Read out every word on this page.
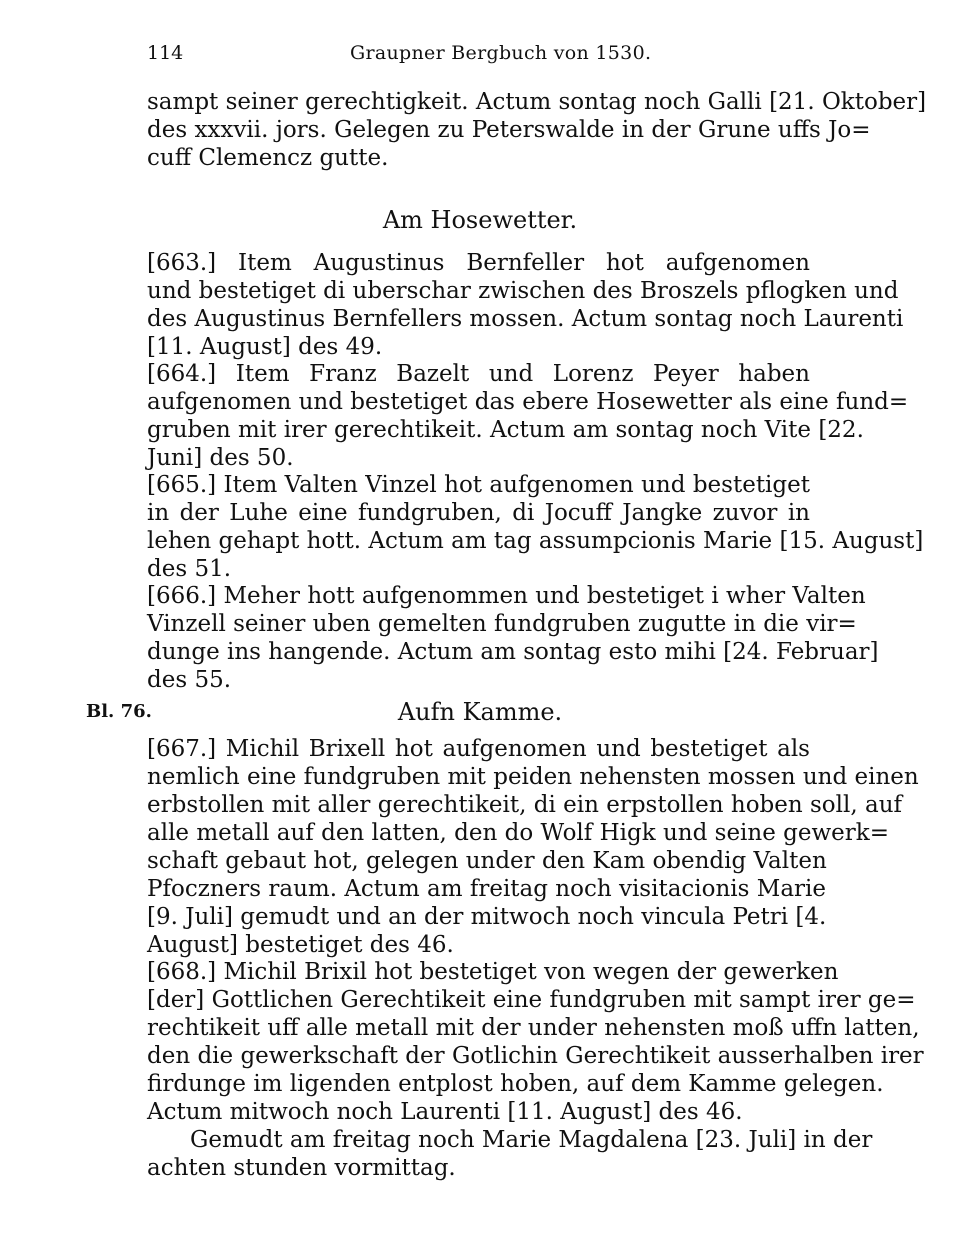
114	Graupner Bergbuch von 1530.
sampt seiner gerechtigkeit. Actum sontag noch Galli [21. Oktober]
des xxxvii. jors. Gelegen zu Peterswalde in der Grune uffs Jo=
cuff Clemencz gutte.
Am Hosewetter.
[663.] Item Augustinus Bernfeller hot aufgenomen
und bestetiget di uberschar zwischen des Broszels pflogken und
des Augustinus Bernfellers mossen. Actum sontag noch Laurenti
[11. August] des 49.
[664.] Item Franz Bazelt und Lorenz Peyer haben
aufgenomen und bestetiget das ebere Hosewetter als eine fund=
gruben mit irer gerechtikeit. Actum am sontag noch Vite [22.
Juni] des 50.
[665.] Item Valten Vinzel hot aufgenomen und bestetiget
in der Luhe eine fundgruben, di Jocuff Jangke zuvor in
lehen gehapt hott. Actum am tag assumpcionis Marie [15. August]
des 51.
[666.] Meher hott aufgenommen und bestetiget i wher Valten
Vinzell seiner uben gemelten fundgruben zugutte in die vir=
dunge ins hangende. Actum am sontag esto mihi [24. Februar]
des 55.
Bl. 76.	Aufn Kamme.
[667.] Michil Brixell hot aufgenomen und bestetiget als
nemlich eine fundgruben mit peiden nehensten mossen und einen
erbstollen mit aller gerechtikeit, di ein erpstollen hoben soll, auf
alle metall auf den latten, den do Wolf Higk und seine gewerk=
schaft gebaut hot, gelegen under den Kam obendig Valten
Pfoczners raum. Actum am freitag noch visitacionis Marie
[9. Juli] gemudt und an der mitwoch noch vincula Petri [4.
August] bestetiget des 46.
[668.] Michil Brixil hot bestetiget von wegen der gewerken
[der] Gottlichen Gerechtikeit eine fundgruben mit sampt irer ge=
rechtikeit uff alle metall mit der under nehensten moß uffn latten,
den die gewerkschaft der Gotlichin Gerechtikeit ausserhalben irer
firdunge im ligenden entplost hoben, auf dem Kamme gelegen.
Actum mitwoch noch Laurenti [11. August] des 46.
Gemudt am freitag noch Marie Magdalena [23. Juli] in der
achten stunden vormittag.
